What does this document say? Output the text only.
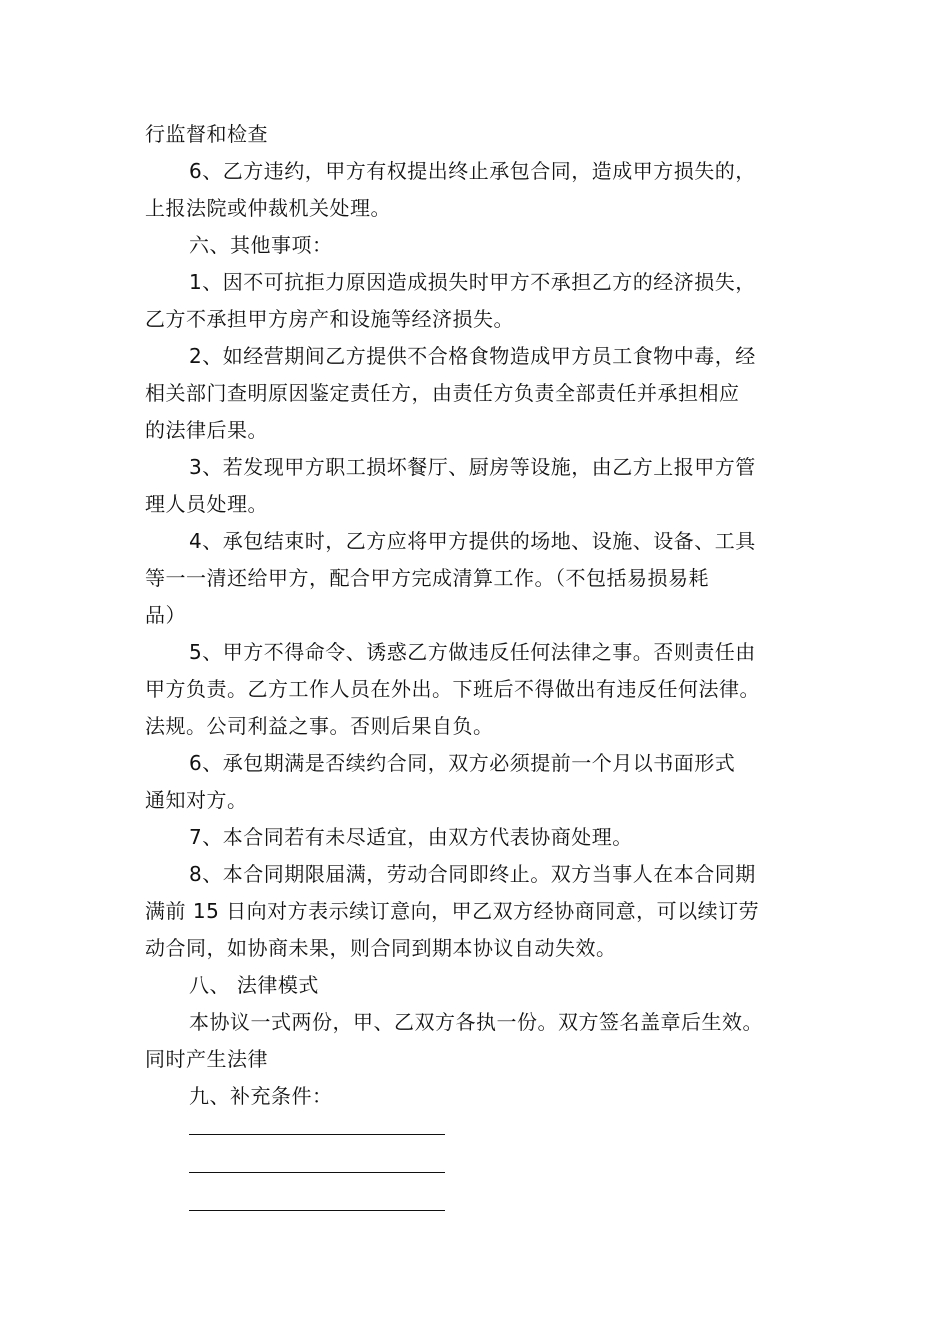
行监督和检查
6、乙方违约，甲方有权提出终止承包合同，造成甲方损失的，
上报法院或仲裁机关处理。
六、其他事项：
1、因不可抗拒力原因造成损失时甲方不承担乙方的经济损失，
乙方不承担甲方房产和设施等经济损失。
2、如经营期间乙方提供不合格食物造成甲方员工食物中毒，经
相关部门查明原因鉴定责任方，由责任方负责全部责任并承担相应
的法律后果。
3、若发现甲方职工损坏餐厅、厨房等设施，由乙方上报甲方管
理人员处理。
4、承包结束时，乙方应将甲方提供的场地、设施、设备、工具
等一一清还给甲方，配合甲方完成清算工作。（不包括易损易耗
品）
5、甲方不得命令、诱惑乙方做违反任何法律之事。否则责任由
甲方负责。乙方工作人员在外出。下班后不得做出有违反任何法律。
法规。公司利益之事。否则后果自负。
6、承包期满是否续约合同，双方必须提前一个月以书面形式
通知对方。
7、本合同若有未尽适宜，由双方代表协商处理。
8、本合同期限届满，劳动合同即终止。双方当事人在本合同期
满前 15 日向对方表示续订意向，甲乙双方经协商同意，可以续订劳
动合同，如协商未果，则合同到期本协议自动失效。
八、 法律模式
本协议一式两份，甲、乙双方各执一份。双方签名盖章后生效。
同时产生法律
九、补充条件：
